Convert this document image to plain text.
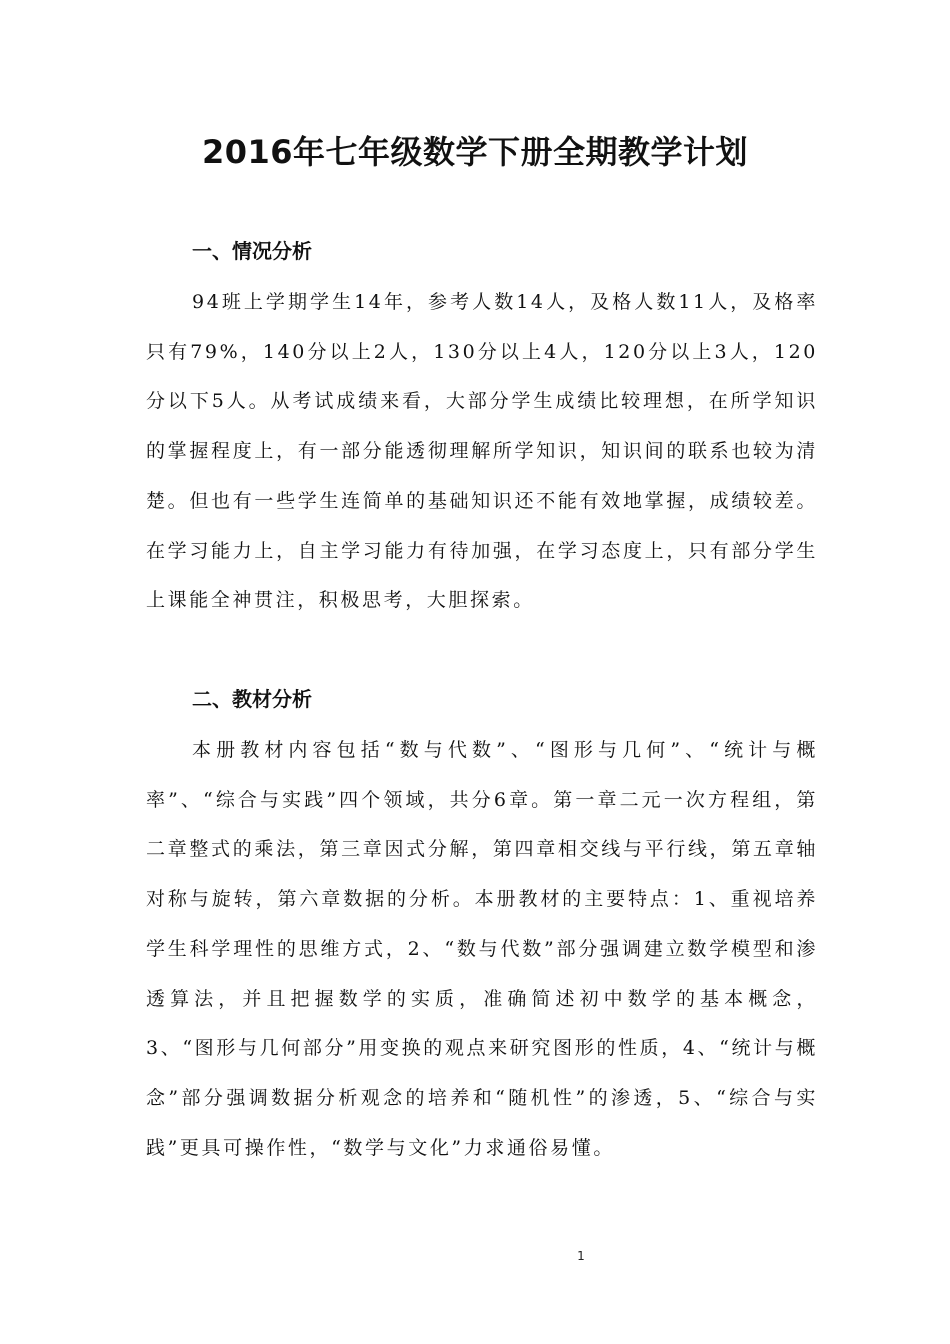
2016年七年级数学下册全期教学计划
一、情况分析

94班上学期学生14年，参考人数14人，及格人数11人，及格率只有79%，140分以上2人，130分以上4人，120分以上3人，120分以下5人。从考试成绩来看，大部分学生成绩比较理想，在所学知识的掌握程度上，有一部分能透彻理解所学知识，知识间的联系也较为清楚。但也有一些学生连简单的基础知识还不能有效地掌握，成绩较差。在学习能力上，自主学习能力有待加强，在学习态度上，只有部分学生上课能全神贯注，积极思考，大胆探索。

二、教材分析

本册教材内容包括“数与代数”、“图形与几何”、“统计与概率”、“综合与实践”四个领域，共分6章。第一章二元一次方程组，第二章整式的乘法，第三章因式分解，第四章相交线与平行线，第五章轴对称与旋转，第六章数据的分析。本册教材的主要特点：1、重视培养学生科学理性的思维方式，2、“数与代数”部分强调建立数学模型和渗透算法，并且把握数学的实质，准确简述初中数学的基本概念，3、“图形与几何部分”用变换的观点来研究图形的性质，4、“统计与概念”部分强调数据分析观念的培养和“随机性”的渗透，5、“综合与实践”更具可操作性，“数学与文化”力求通俗易懂。

1
